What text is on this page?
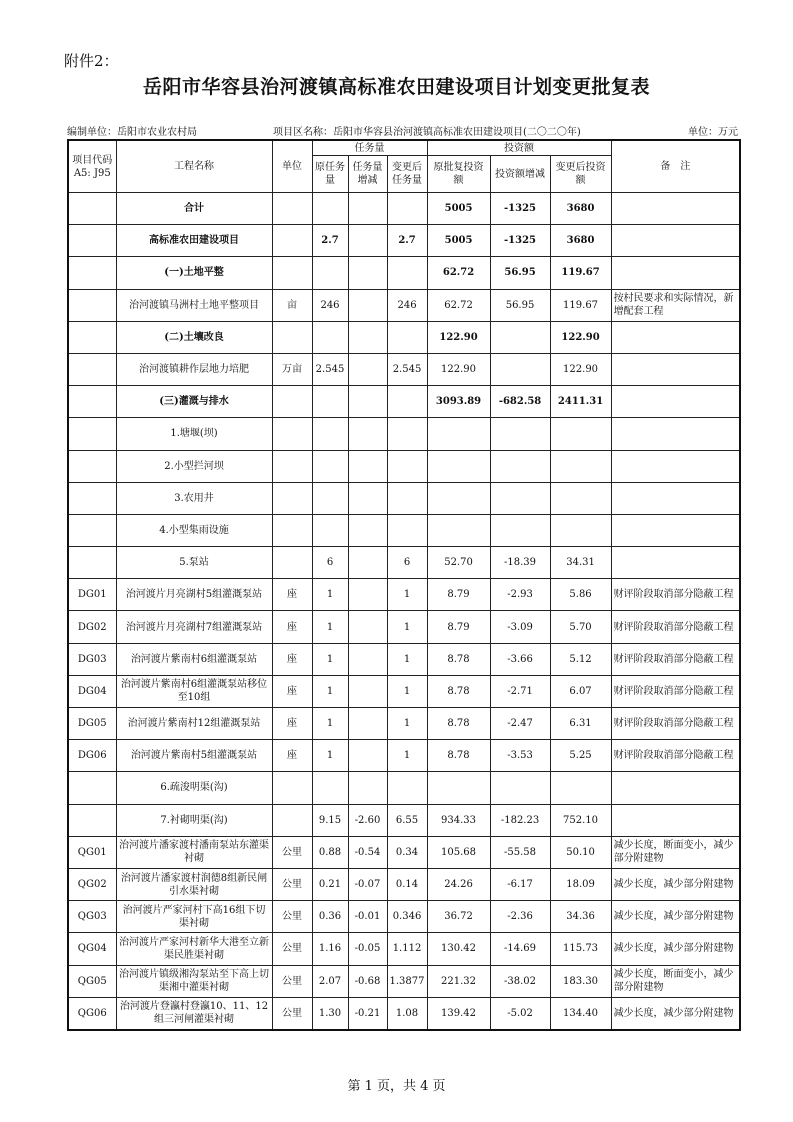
附件2：
岳阳市华容县治河渡镇高标准农田建设项目计划变更批复表
编制单位：岳阳市农业农村局	项目区名称：岳阳市华容县治河渡镇高标准农田建设项目(二〇二〇年)	单位：万元
项目代码A5: J95	工程名称	单位	任务量			投资额			备　注
			原任务量	任务量增减	变更后任务量	原批复投资额	投资额增减	变更后投资额	
	合计					5005	-1325	3680	
	高标准农田建设项目		2.7		2.7	5005	-1325	3680	
	(一)土地平整					62.72	56.95	119.67	
	治河渡镇马洲村土地平整项目	亩	246		246	62.72	56.95	119.67	按村民要求和实际情况，新增配套工程
	(二)土壤改良					122.90		122.90	
	治河渡镇耕作层地力培肥	万亩	2.545		2.545	122.90		122.90	
	(三)灌溉与排水					3093.89	-682.58	2411.31	
	1.塘堰(坝)								
	2.小型拦河坝								
	3.农用井								
	4.小型集雨设施								
	5.泵站		6		6	52.70	-18.39	34.31	
DG01	治河渡片月亮湖村5组灌溉泵站	座	1		1	8.79	-2.93	5.86	财评阶段取消部分隐蔽工程
DG02	治河渡片月亮湖村7组灌溉泵站	座	1		1	8.79	-3.09	5.70	财评阶段取消部分隐蔽工程
DG03	治河渡片紫南村6组灌溉泵站	座	1		1	8.78	-3.66	5.12	财评阶段取消部分隐蔽工程
DG04	治河渡片紫南村6组灌溉泵站移位至10组	座	1		1	8.78	-2.71	6.07	财评阶段取消部分隐蔽工程
DG05	治河渡片紫南村12组灌溉泵站	座	1		1	8.78	-2.47	6.31	财评阶段取消部分隐蔽工程
DG06	治河渡片紫南村5组灌溉泵站	座	1		1	8.78	-3.53	5.25	财评阶段取消部分隐蔽工程
	6.疏浚明渠(沟)								
	7.衬砌明渠(沟)		9.15	-2.60	6.55	934.33	-182.23	752.10	
QG01	治河渡片潘家渡村潘南泵站东灌渠衬砌	公里	0.88	-0.54	0.34	105.68	-55.58	50.10	减少长度，断面变小，减少部分附建物
QG02	治河渡片潘家渡村润德8组新民闸引水渠衬砌	公里	0.21	-0.07	0.14	24.26	-6.17	18.09	减少长度，减少部分附建物
QG03	治河渡片严家河村下高16组下切渠衬砌	公里	0.36	-0.01	0.346	36.72	-2.36	34.36	减少长度，减少部分附建物
QG04	治河渡片严家河村新华大港至立新渠民胜渠衬砌	公里	1.16	-0.05	1.112	130.42	-14.69	115.73	减少长度，减少部分附建物
QG05	治河渡片镇级湘沟泵站至下高上切渠湘中灌渠衬砌	公里	2.07	-0.68	1.3877	221.32	-38.02	183.30	减少长度，断面变小，减少部分附建物
QG06	治河渡片登瀛村登瀛10、11、12组三河闸灌渠衬砌	公里	1.30	-0.21	1.08	139.42	-5.02	134.40	减少长度，减少部分附建物
第 1 页，共 4 页
